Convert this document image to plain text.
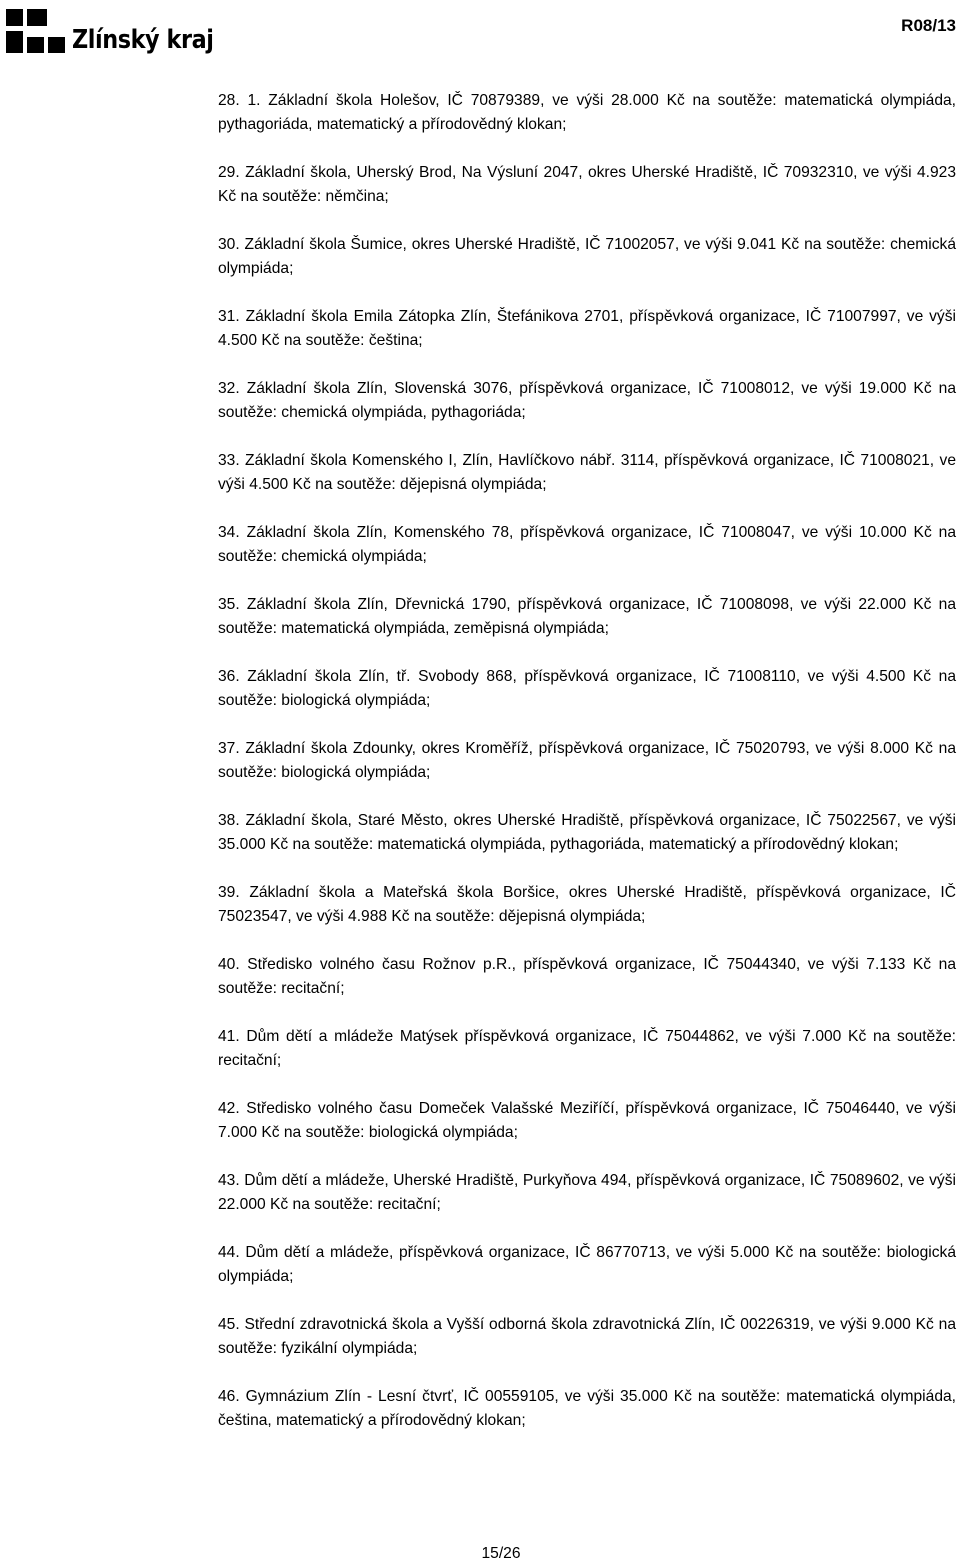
Zlínský kraj	R08/13

28. 1. Základní škola Holešov, IČ 70879389, ve výši 28.000 Kč na soutěže: matematická olympiáda, pythagoriáda, matematický a přírodovědný klokan;

29. Základní škola, Uherský Brod, Na Výsluní 2047, okres Uherské Hradiště, IČ 70932310, ve výši 4.923 Kč na soutěže: němčina;

30. Základní škola Šumice, okres Uherské Hradiště, IČ 71002057, ve výši 9.041 Kč na soutěže: chemická olympiáda;

31. Základní škola Emila Zátopka Zlín, Štefánikova 2701, příspěvková organizace, IČ 71007997, ve výši 4.500 Kč na soutěže: čeština;

32. Základní škola Zlín, Slovenská 3076, příspěvková organizace, IČ 71008012, ve výši 19.000 Kč na soutěže: chemická olympiáda, pythagoriáda;

33. Základní škola Komenského I, Zlín, Havlíčkovo nábř. 3114, příspěvková organizace, IČ 71008021, ve výši 4.500 Kč na soutěže: dějepisná olympiáda;

34. Základní škola Zlín, Komenského 78, příspěvková organizace, IČ 71008047, ve výši 10.000 Kč na soutěže: chemická olympiáda;

35. Základní škola Zlín, Dřevnická 1790, příspěvková organizace, IČ 71008098, ve výši 22.000 Kč na soutěže: matematická olympiáda, zeměpisná olympiáda;

36. Základní škola Zlín, tř. Svobody 868, příspěvková organizace, IČ 71008110, ve výši 4.500 Kč na soutěže: biologická olympiáda;

37. Základní škola Zdounky, okres Kroměříž, příspěvková organizace, IČ 75020793, ve výši 8.000 Kč na soutěže: biologická olympiáda;

38. Základní škola, Staré Město, okres Uherské Hradiště, příspěvková organizace, IČ 75022567, ve výši 35.000 Kč na soutěže: matematická olympiáda, pythagoriáda, matematický a přírodovědný klokan;

39. Základní škola a Mateřská škola Boršice, okres Uherské Hradiště, příspěvková organizace, IČ 75023547, ve výši 4.988 Kč na soutěže: dějepisná olympiáda;

40. Středisko volného času Rožnov p.R., příspěvková organizace, IČ 75044340, ve výši 7.133 Kč na soutěže: recitační;

41. Dům dětí a mládeže Matýsek příspěvková organizace, IČ 75044862, ve výši 7.000 Kč na soutěže: recitační;

42. Středisko volného času Domeček Valašské Meziříčí, příspěvková organizace, IČ 75046440, ve výši 7.000 Kč na soutěže: biologická olympiáda;

43. Dům dětí a mládeže, Uherské Hradiště, Purkyňova 494, příspěvková organizace, IČ 75089602, ve výši 22.000 Kč na soutěže: recitační;

44. Dům dětí a mládeže, příspěvková organizace, IČ 86770713, ve výši 5.000 Kč na soutěže: biologická olympiáda;

45. Střední zdravotnická škola a Vyšší odborná škola zdravotnická Zlín, IČ 00226319, ve výši 9.000 Kč na soutěže: fyzikální olympiáda;

46. Gymnázium Zlín - Lesní čtvrť, IČ 00559105, ve výši 35.000 Kč na soutěže: matematická olympiáda, čeština, matematický a přírodovědný klokan;

15/26
